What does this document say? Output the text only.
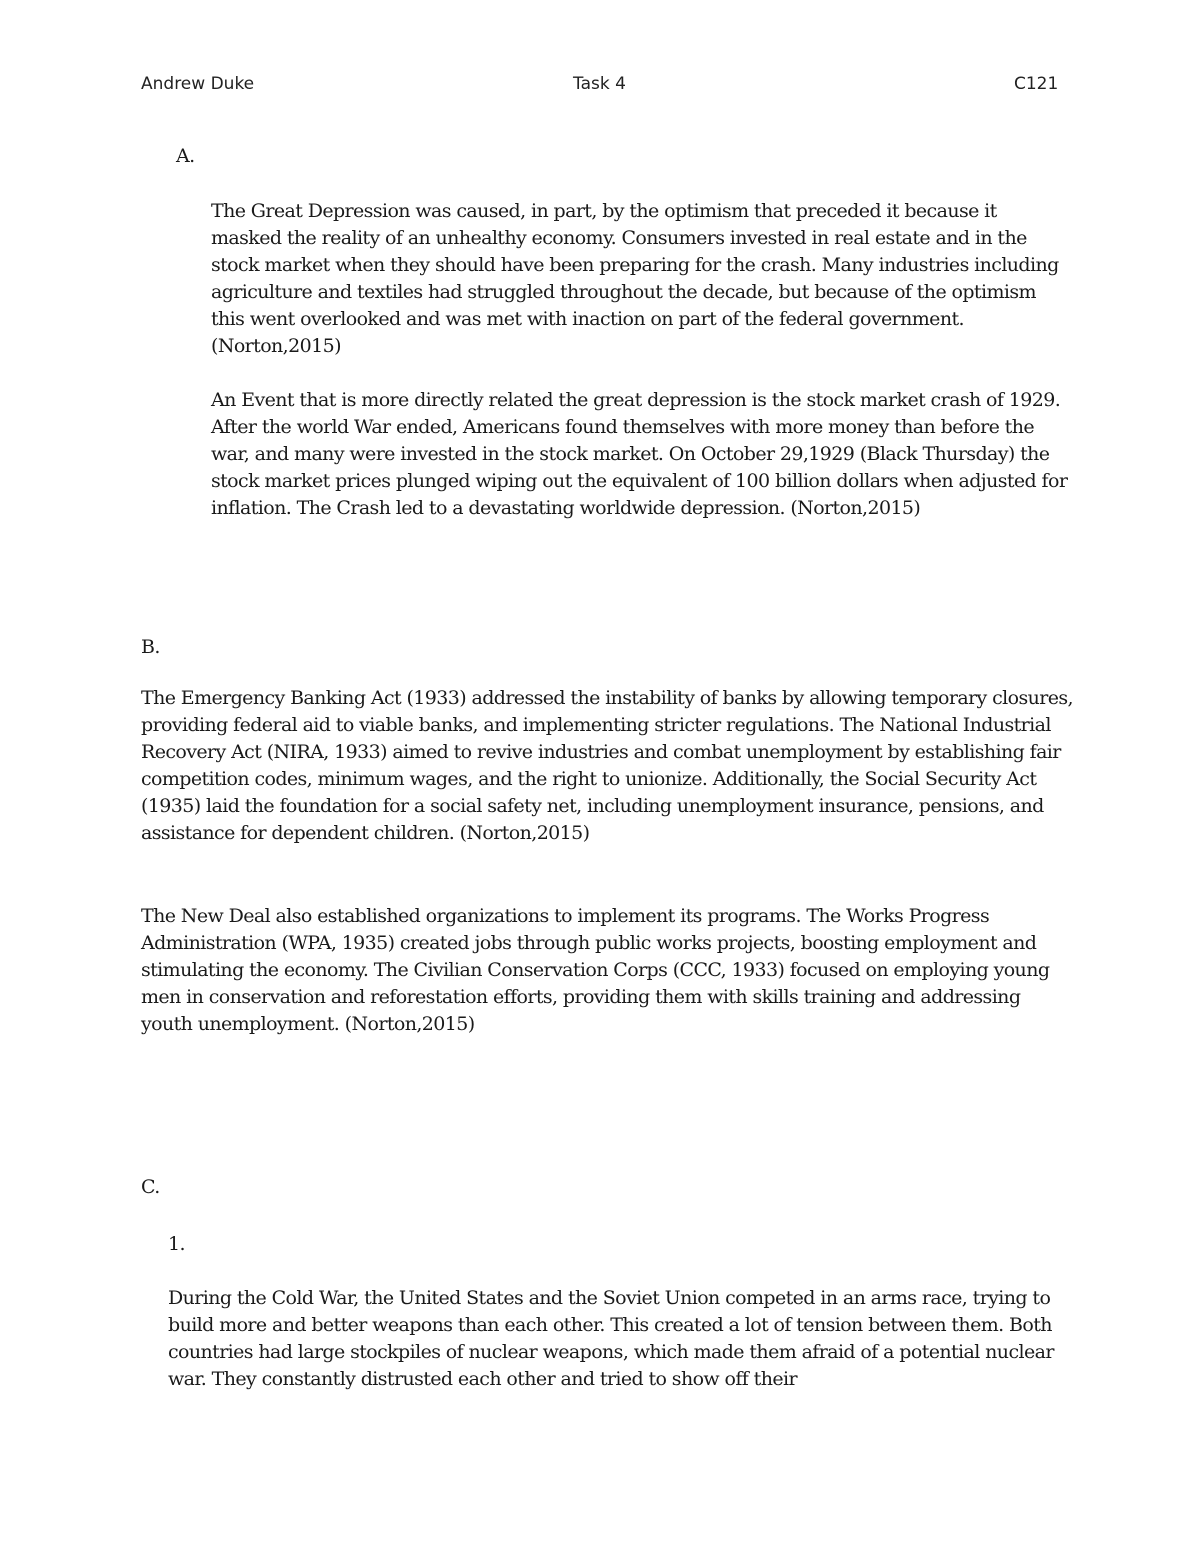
Andrew Duke	Task 4	C121
A.

The Great Depression was caused, in part, by the optimism that preceded it because it masked the reality of an unhealthy economy. Consumers invested in real estate and in the stock market when they should have been preparing for the crash. Many industries including agriculture and textiles had struggled throughout the decade, but because of the optimism this went overlooked and was met with inaction on part of the federal government. (Norton,2015)

An Event that is more directly related the great depression is the stock market crash of 1929. After the world War ended, Americans found themselves with more money than before the war, and many were invested in the stock market. On October 29,1929 (Black Thursday) the stock market prices plunged wiping out the equivalent of 100 billion dollars when adjusted for inflation. The Crash led to a devastating worldwide depression. (Norton,2015)

B.

The Emergency Banking Act (1933) addressed the instability of banks by allowing temporary closures, providing federal aid to viable banks, and implementing stricter regulations. The National Industrial Recovery Act (NIRA, 1933) aimed to revive industries and combat unemployment by establishing fair competition codes, minimum wages, and the right to unionize. Additionally, the Social Security Act (1935) laid the foundation for a social safety net, including unemployment insurance, pensions, and assistance for dependent children. (Norton,2015)

The New Deal also established organizations to implement its programs. The Works Progress Administration (WPA, 1935) created jobs through public works projects, boosting employment and stimulating the economy. The Civilian Conservation Corps (CCC, 1933) focused on employing young men in conservation and reforestation efforts, providing them with skills training and addressing youth unemployment. (Norton,2015)

C.
1.

During the Cold War, the United States and the Soviet Union competed in an arms race, trying to build more and better weapons than each other. This created a lot of tension between them. Both countries had large stockpiles of nuclear weapons, which made them afraid of a potential nuclear war. They constantly distrusted each other and tried to show off their
